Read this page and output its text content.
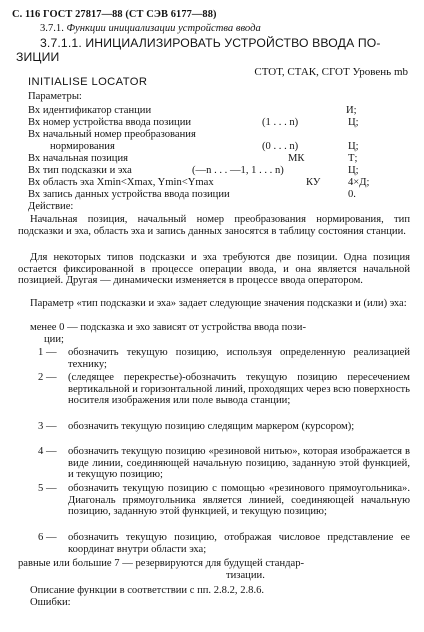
С. 116 ГОСТ 27817—88 (СТ СЭВ 6177—88)
3.7.1. Функции инициализации устройства ввода
3.7.1.1. ИНИЦИАЛИЗИРОВАТЬ УСТРОЙСТВО ВВОДА ПО-
ЗИЦИИ
СТОТ, СТАК, СГОТ Уровень mb
INITIALISE LOCATOR
Параметры:
Вх идентификатор станции	И;
Вх номер устройства ввода позиции	(1 . . . n)	Ц;
Вх начальный номер преобразования
нормирования	(0 . . . n)	Ц;
Вх начальная позиция	МК	Т;
Вх тип подсказки и эха	(—n . . . —1, 1 . . . n)	Ц;
Вх область эха Xmin<Xmax, Ymin<Ymax	КУ	4×Д;
Вх запись данных устройства ввода позиции	0.
Действие:
Начальная позиция, начальный номер преобразования нормирования, тип подсказки и эха, область эха и запись данных заносятся в таблицу состояния станции.
Для некоторых типов подсказки и эха требуются две позиции. Одна позиция остается фиксированной в процессе операции ввода, и она является начальной позицией. Другая — динамически изменяется в процессе ввода оператором.
Параметр «тип подсказки и эха» задает следующие значения подсказки и (или) эха:
менее 0 — подсказка и эхо зависят от устройства ввода пози-
ции;
1 — обозначить текущую позицию, используя определенную реализацией технику;
2 — (следящее перекрестье)-обозначить текущую позицию пересечением вертикальной и горизонтальной линий, проходящих через всю поверхность носителя изображения или поле вывода станции;
3 — обозначить текущую позицию следящим маркером (курсором);
4 — обозначить текущую позицию «резиновой нитью», которая изображается в виде линии, соединяющей начальную позицию, заданную этой функцией, и текущую позицию;
5 — обозначить текущую позицию с помощью «резинового прямоугольника». Диагональ прямоугольника является линией, соединяющей начальную позицию, заданную этой функцией, и текущую позицию;
6 — обозначить текущую позицию, отображая числовое представление ее координат внутри области эха;
равные или большие 7 — резервируются для будущей стандар-
тизации.
Описание функции в соответствии с пп. 2.8.2, 2.8.6.
Ошибки:
